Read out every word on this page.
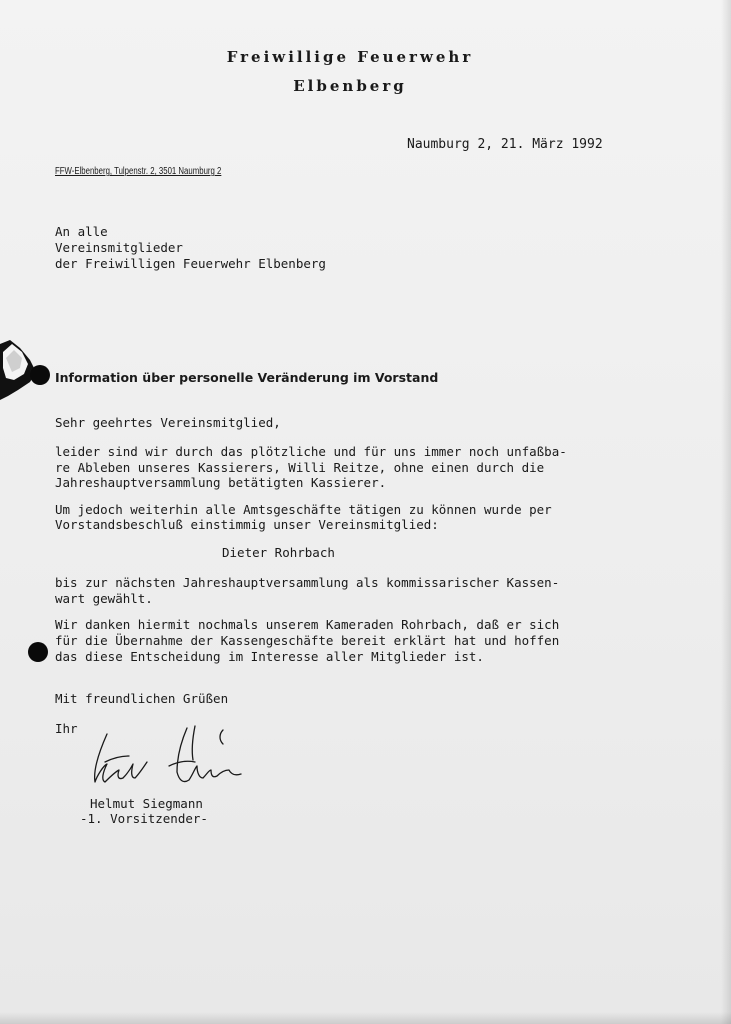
Freiwillige Feuerwehr
Elbenberg
Naumburg 2, 21. März 1992
FFW-Elbenberg, Tulpenstr. 2, 3501 Naumburg 2
An alle
Vereinsmitglieder
der Freiwilligen Feuerwehr Elbenberg
Information über personelle Veränderung im Vorstand
Sehr geehrtes Vereinsmitglied,
leider sind wir durch das plötzliche und für uns immer noch unfaßba-
re Ableben unseres Kassierers, Willi Reitze, ohne einen durch die
Jahreshauptversammlung betätigten Kassierer.
Um jedoch weiterhin alle Amtsgeschäfte tätigen zu können wurde per
Vorstandsbeschluß einstimmig unser Vereinsmitglied:
Dieter Rohrbach
bis zur nächsten Jahreshauptversammlung als kommissarischer Kassen-
wart gewählt.
Wir danken hiermit nochmals unserem Kameraden Rohrbach, daß er sich
für die Übernahme der Kassengeschäfte bereit erklärt hat und hoffen
das diese Entscheidung im Interesse aller Mitglieder ist.
Mit freundlichen Grüßen
Ihr
Helmut Siegmann
-1. Vorsitzender-
